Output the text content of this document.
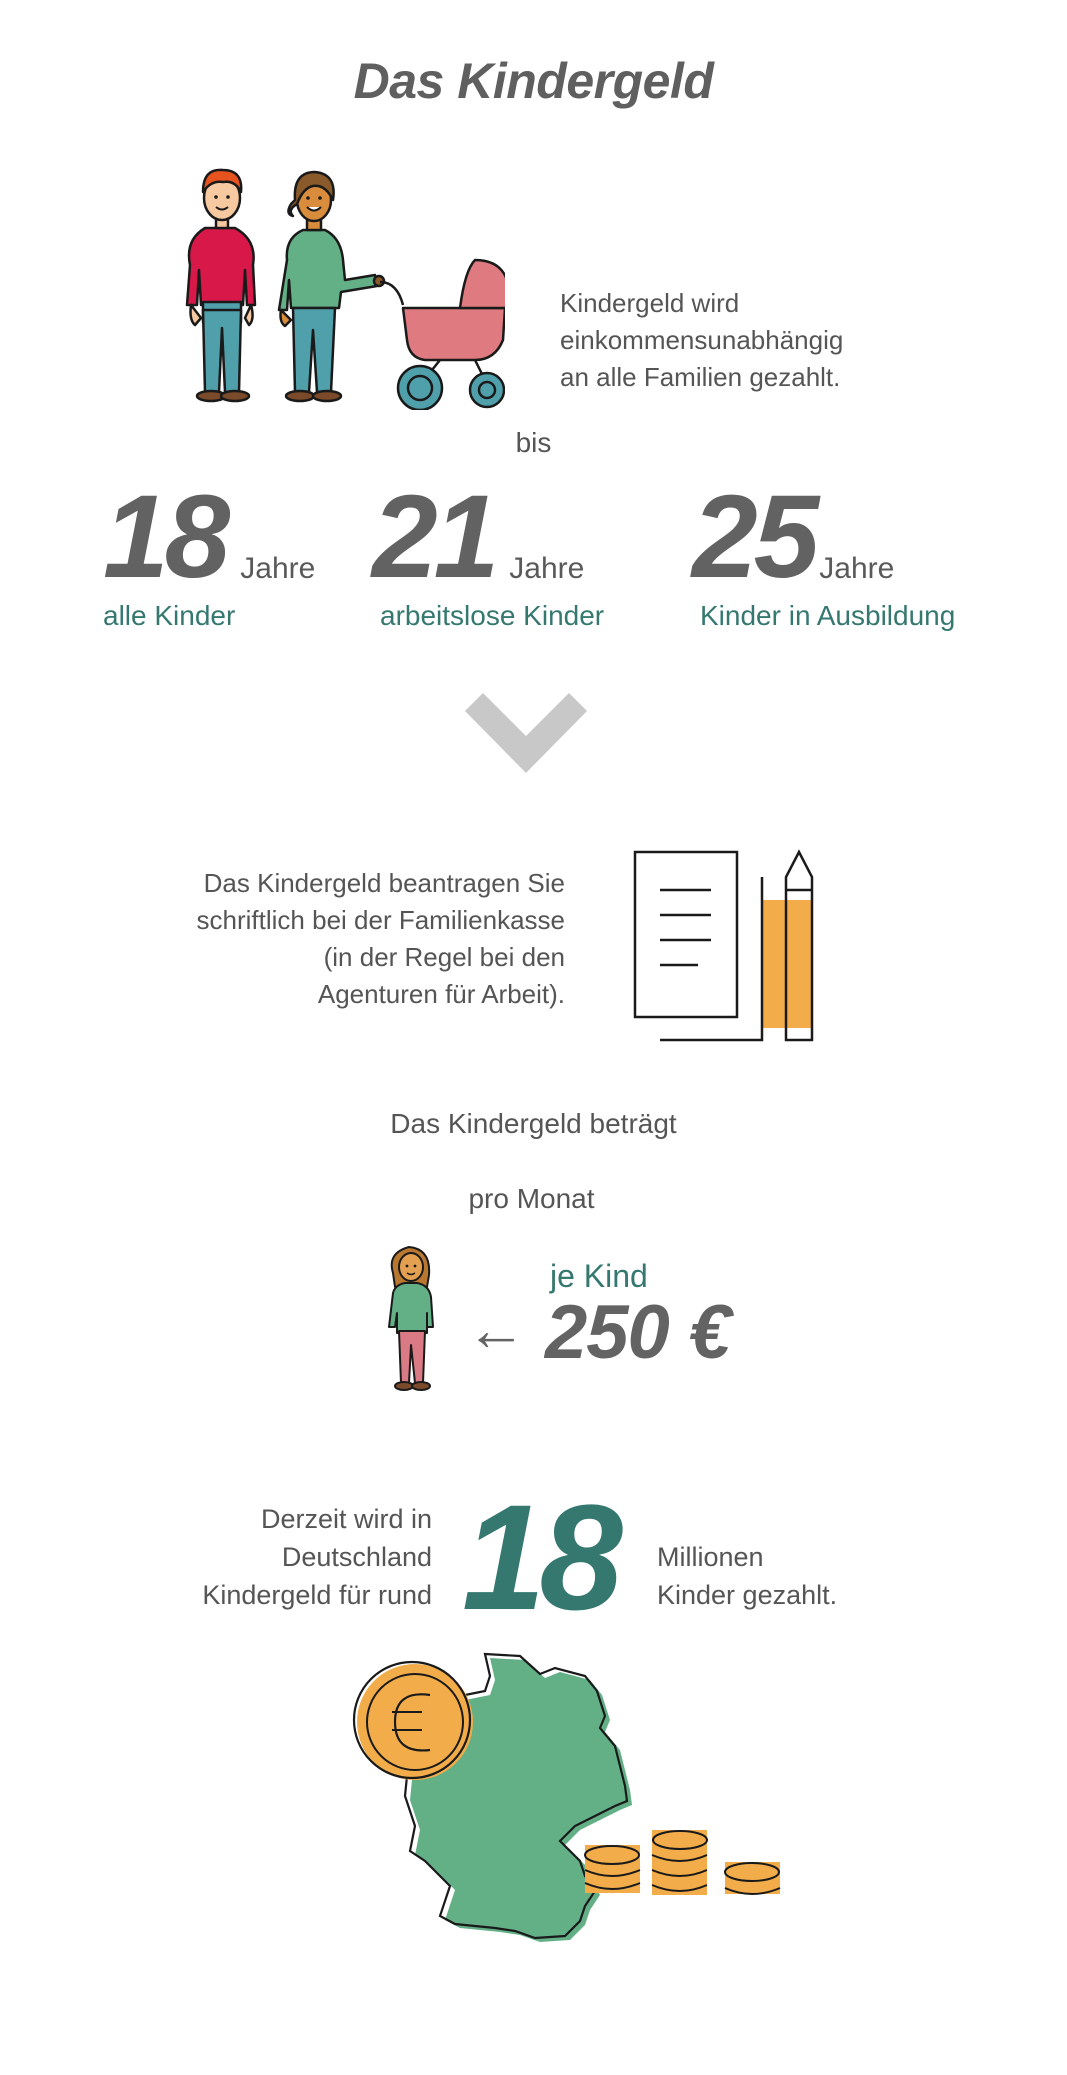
Das Kindergeld
Kindergeld wird
einkommensunabhängig
an alle Familien gezahlt.
bis
18 Jahre
alle Kinder
21 Jahre
arbeitslose Kinder
25 Jahre
Kinder in Ausbildung
Das Kindergeld beantragen Sie
schriftlich bei der Familienkasse
(in der Regel bei den
Agenturen für Arbeit).
Das Kindergeld beträgt
pro Monat
je Kind
← 250 €
Derzeit wird in
Deutschland
Kindergeld für rund 18 Millionen
Kinder gezahlt.
